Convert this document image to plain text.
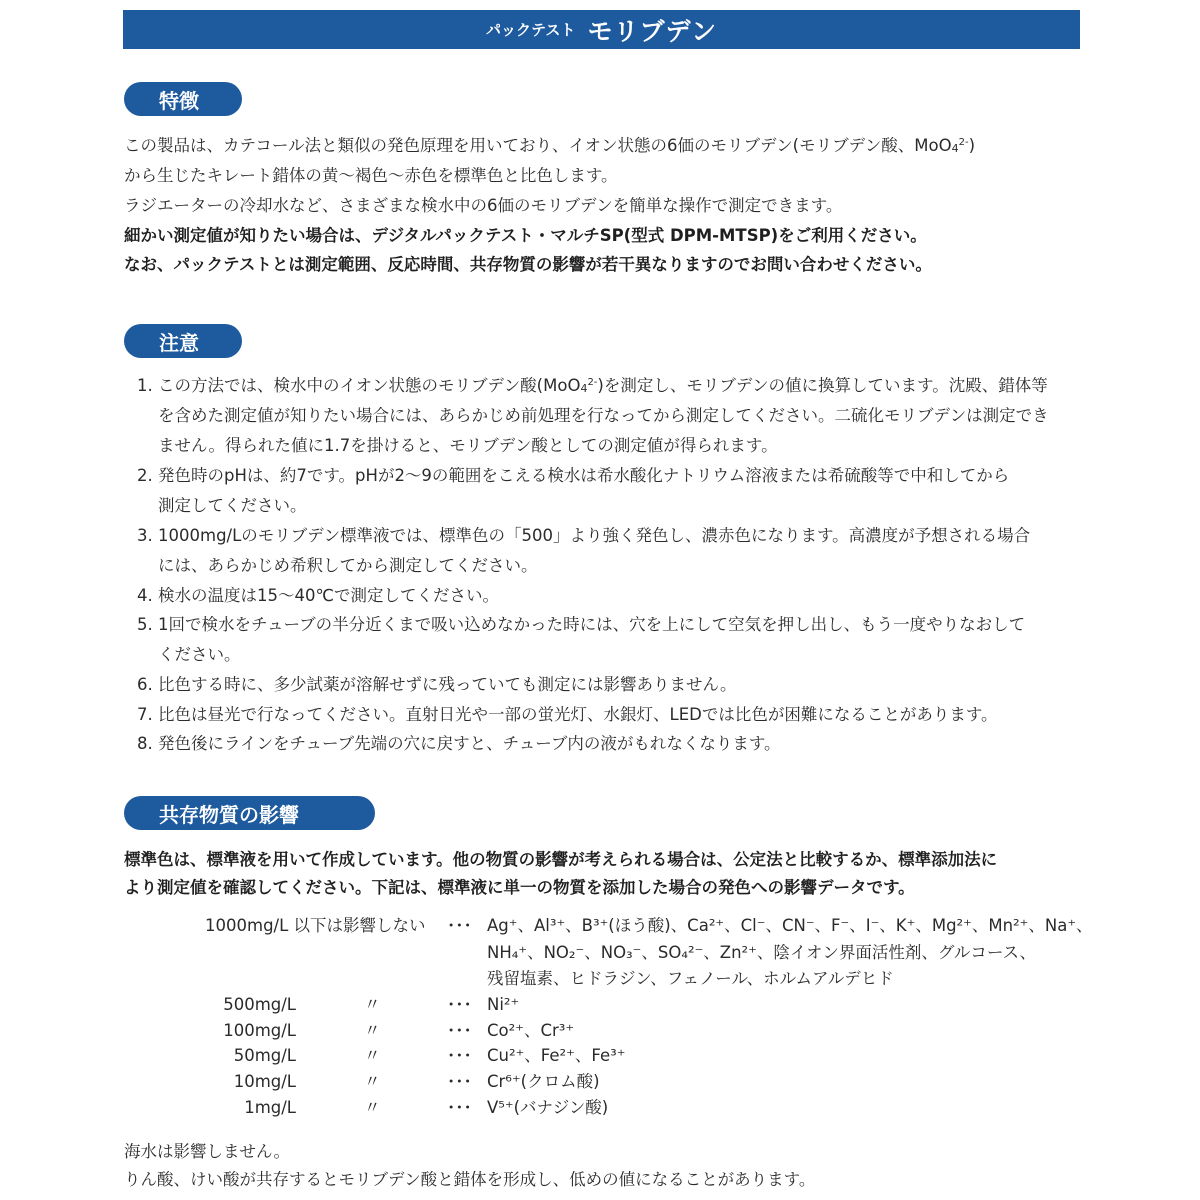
パックテスト モリブデン
特徴
この製品は、カテコール法と類似の発色原理を用いており、イオン状態の6価のモリブデン(モリブデン酸、MoO$_4^{2-}$)
から生じたキレート錯体の黄～褐色～赤色を標準色と比色します。
ラジエーターの冷却水など、さまざまな検水中の6価のモリブデンを簡単な操作で測定できます。
細かい測定値が知りたい場合は、デジタルパックテスト・マルチSP(型式 DPM-MTSP)をご利用ください。
なお、パックテストとは測定範囲、反応時間、共存物質の影響が若干異なりますのでお問い合わせください。
注意
1. この方法では、検水中のイオン状態のモリブデン酸(MoO$_4^{2-}$)を測定し、モリブデンの値に換算しています。沈殿、錯体等
を含めた測定値が知りたい場合には、あらかじめ前処理を行なってから測定してください。二硫化モリブデンは測定でき
ません。得られた値に1.7を掛けると、モリブデン酸としての測定値が得られます。
2. 発色時のpHは、約7です。pHが2～9の範囲をこえる検水は希水酸化ナトリウム溶液または希硫酸等で中和してから
測定してください。
3. 1000mg/Lのモリブデン標準液では、標準色の「500」より強く発色し、濃赤色になります。高濃度が予想される場合
には、あらかじめ希釈してから測定してください。
4. 検水の温度は15～40℃で測定してください。
5. 1回で検水をチューブの半分近くまで吸い込めなかった時には、穴を上にして空気を押し出し、もう一度やりなおして
ください。
6. 比色する時に、多少試薬が溶解せずに残っていても測定には影響ありません。
7. 比色は昼光で行なってください。直射日光や一部の蛍光灯、水銀灯、LEDでは比色が困難になることがあります。
8. 発色後にラインをチューブ先端の穴に戻すと、チューブ内の液がもれなくなります。
共存物質の影響
標準色は、標準液を用いて作成しています。他の物質の影響が考えられる場合は、公定法と比較するか、標準添加法に
より測定値を確認してください。下記は、標準液に単一の物質を添加した場合の発色への影響データです。
1000mg/L 以下は影響しない ･･･ Ag⁺、Al³⁺、B³⁺(ほう酸)、Ca²⁺、Cl⁻、CN⁻、F⁻、I⁻、K⁺、Mg²⁺、Mn²⁺、Na⁺、
NH₄⁺、NO₂⁻、NO₃⁻、SO₄²⁻、Zn²⁺、陰イオン界面活性剤、グルコース、
残留塩素、ヒドラジン、フェノール、ホルムアルデヒド
500mg/L	〃	･･･ Ni²⁺
100mg/L	〃	･･･ Co²⁺、Cr³⁺
50mg/L	〃	･･･ Cu²⁺、Fe²⁺、Fe³⁺
10mg/L	〃	･･･ Cr⁶⁺(クロム酸)
1mg/L	〃	･･･ V⁵⁺(バナジン酸)
海水は影響しません。
りん酸、けい酸が共存するとモリブデン酸と錯体を形成し、低めの値になることがあります。
